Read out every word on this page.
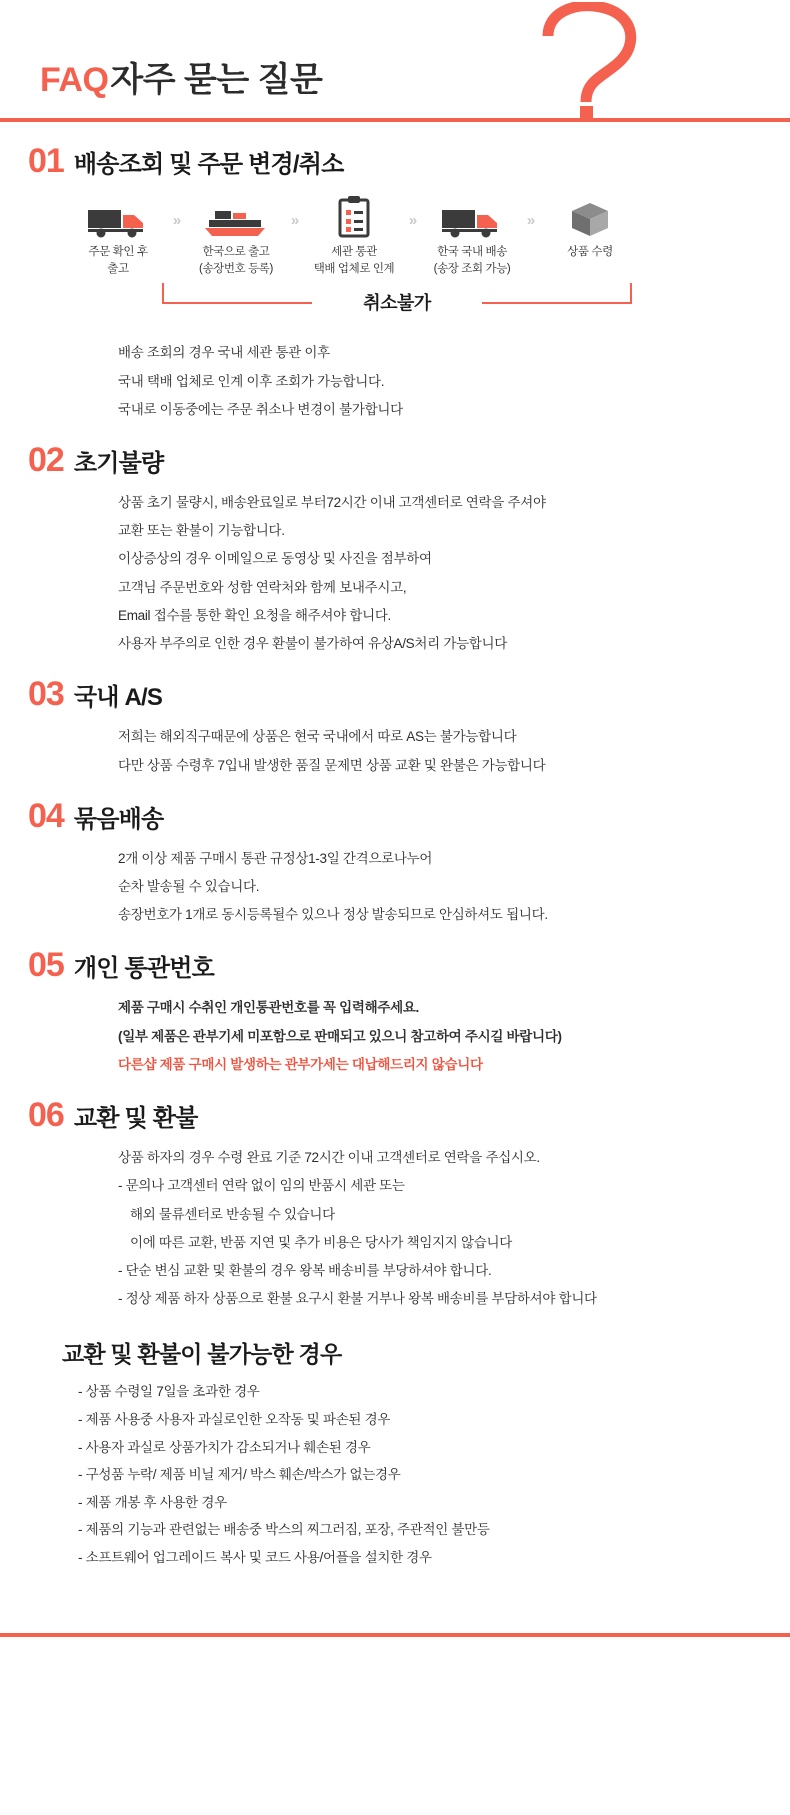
FAQ자주 묻는 질문
01 배송조회 및 주문 변경/취소
주문 확인 후
출고
»
한국으로 출고
(송장번호 등록)
»
세관 통관
택배 업체로 인계
»
한국 국내 배송
(송장 조회 가능)
»
상품 수령
취소불가

배송 조회의 경우 국내 세관 통관 이후

국내 택배 업체로 인계 이후 조회가 가능합니다.

국내로 이동중에는 주문 취소나 변경이 불가합니다

02 초기불량

상품 초기 물량시, 배송완료일로 부터72시간 이내 고객센터로 연락을 주셔야

교환 또는 환불이 기능합니다.

이상증상의 경우 이메일으로 동영상 및 사진을 점부하여

고객님 주문번호와 성함 연락처와 함께 보내주시고,

Email 접수를 통한 확인 요청을 해주셔야 합니다.

사용자 부주의로 인한 경우 환불이 불가하여 유상A/S처리 가능합니다

03 국내 A/S

저희는 해외직구때문에 상품은 현국 국내에서 따로 AS는 불가능합니다

다만 상품 수령후 7입내 발생한 품질 문제면 상품 교환 및 완불은 가능합니다

04 묶음배송

2개 이상 제품 구매시 통관 규정상1-3일 간격으로나누어

순차 발송될 수 있습니다.

송장번호가 1개로 동시등록될수 있으나 정상 발송되므로 안심하셔도 됩니다.

05 개인 통관번호

제품 구매시 수취인 개인통관번호를 꼭 입력해주세요.

(일부 제품은 관부기세 미포함으로 판매되고 있으니 참고하여 주시길 바랍니다)

다른샵 제품 구매시 발생하는 관부가세는 대납해드리지 않습니다

06 교환 및 환불

상품 하자의 경우 수령 완료 기준 72시간 이내 고객센터로 연락을 주십시오.

- 문의나 고객센터 연락 없이 임의 반품시 세관 또는

해외 물류센터로 반송될 수 있습니다

이에 따른 교환, 반품 지연 및 추가 비용은 당사가 책임지지 않습니다

- 단순 변심 교환 및 환불의 경우 왕복 배송비를 부당하셔야 합니다.

- 정상 제품 하자 상품으로 환불 요구시 환불 거부나 왕복 배송비를 부담하셔야 합니다

교환 및 환불이 불가능한 경우

- 상품 수령일 7일을 초과한 경우

- 제품 사용중 사용자 과실로인한 오작동 및 파손된 경우

- 사용자 과실로 상품가치가 감소되거나 훼손된 경우

- 구성품 누락/ 제품 비닐 제거/ 박스 훼손/박스가 없는경우

- 제품 개봉 후 사용한 경우

- 제품의 기능과 관련없는 배송중 박스의 찌그러짐, 포장, 주관적인 불만등

- 소프트웨어 업그레이드 복사 및 코드 사용/어플을 설치한 경우
